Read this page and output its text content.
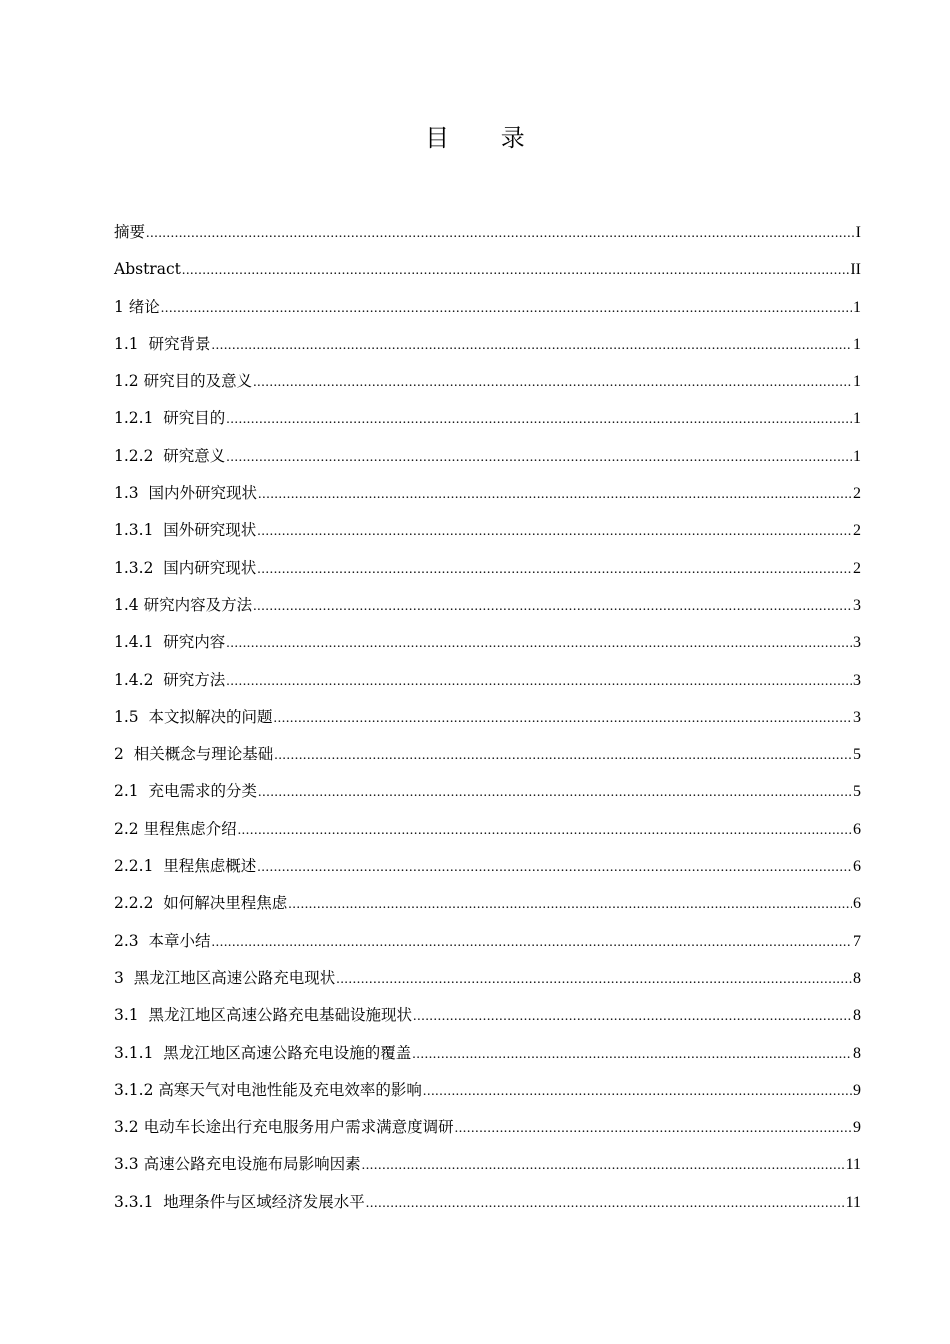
目 录
摘要 .....	I
Abstract .....	II
1 绪论 .....	1
1.1  研究背景 .....	1
1.2 研究目的及意义 .....	1
1.2.1  研究目的 .....	1
1.2.2  研究意义 .....	1
1.3  国内外研究现状 .....	2
1.3.1  国外研究现状 .....	2
1.3.2  国内研究现状 .....	2
1.4 研究内容及方法 .....	3
1.4.1  研究内容 .....	3
1.4.2  研究方法 .....	3
1.5  本文拟解决的问题 .....	3
2  相关概念与理论基础 .....	5
2.1  充电需求的分类 .....	5
2.2 里程焦虑介绍 .....	6
2.2.1  里程焦虑概述 .....	6
2.2.2  如何解决里程焦虑 .....	6
2.3  本章小结 .....	7
3  黑龙江地区高速公路充电现状 .....	8
3.1  黑龙江地区高速公路充电基础设施现状 .....	8
3.1.1  黑龙江地区高速公路充电设施的覆盖 .....	8
3.1.2 高寒天气对电池性能及充电效率的影响 .....	9
3.2 电动车长途出行充电服务用户需求满意度调研 .....	9
3.3 高速公路充电设施布局影响因素 .....	11
3.3.1  地理条件与区域经济发展水平 .....	11
